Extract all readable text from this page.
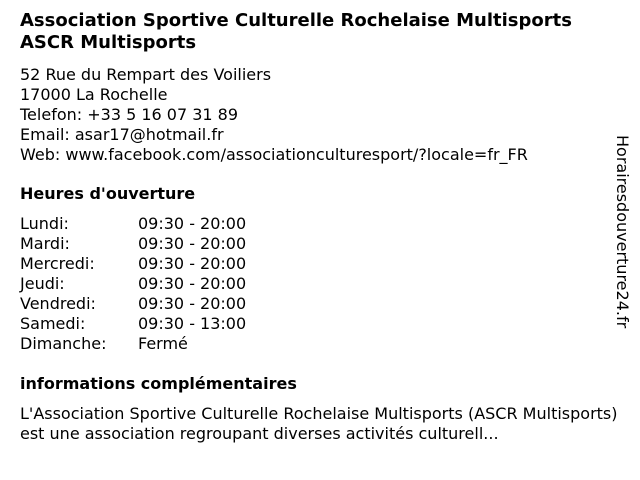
Association Sportive Culturelle Rochelaise Multisports ASCR Multisports
52 Rue du Rempart des Voiliers
17000 La Rochelle
Telefon: +33 5 16 07 31 89
Email: asar17@hotmail.fr
Web: www.facebook.com/associationculturesport/?locale=fr_FR
Heures d'ouverture
Lundi:	09:30 - 20:00
Mardi:	09:30 - 20:00
Mercredi:	09:30 - 20:00
Jeudi:	09:30 - 20:00
Vendredi:	09:30 - 20:00
Samedi:	09:30 - 13:00
Dimanche: Fermé
informations complémentaires
L'Association Sportive Culturelle Rochelaise Multisports (ASCR Multisports) est une association regroupant diverses activités culturell...
Horairesdouverture24.fr
